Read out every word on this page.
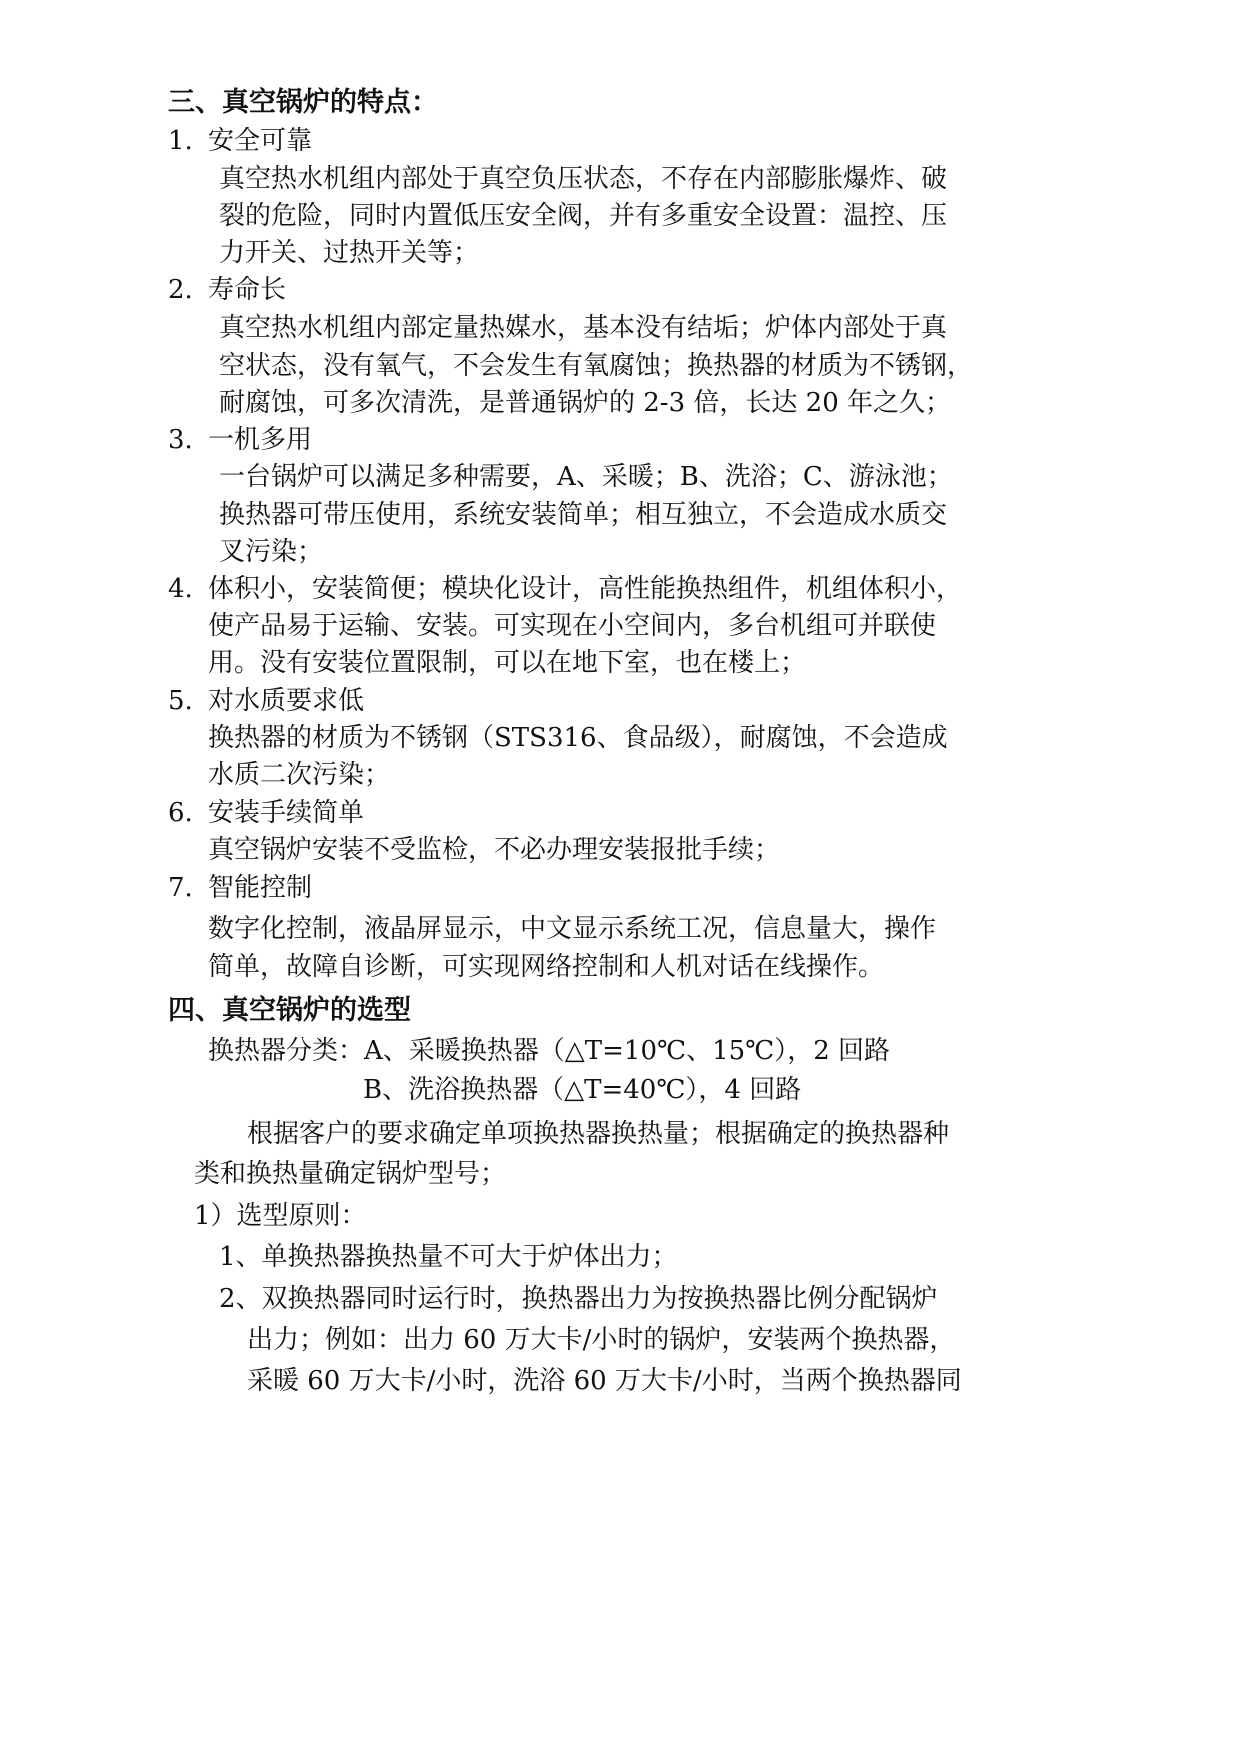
三、真空锅炉的特点：
1. 安全可靠
真空热水机组内部处于真空负压状态，不存在内部膨胀爆炸、破
裂的危险，同时内置低压安全阀，并有多重安全设置：温控、压
力开关、过热开关等；
2. 寿命长
真空热水机组内部定量热媒水，基本没有结垢；炉体内部处于真
空状态，没有氧气，不会发生有氧腐蚀；换热器的材质为不锈钢，
耐腐蚀，可多次清洗，是普通锅炉的 2-3 倍，长达 20 年之久；
3. 一机多用
一台锅炉可以满足多种需要，A、采暖；B、洗浴；C、游泳池；
换热器可带压使用，系统安装简单；相互独立，不会造成水质交
叉污染；
4. 体积小，安装简便；模块化设计，高性能换热组件，机组体积小，
使产品易于运输、安装。可实现在小空间内，多台机组可并联使
用。没有安装位置限制，可以在地下室，也在楼上；
5. 对水质要求低
换热器的材质为不锈钢（STS316、食品级），耐腐蚀，不会造成
水质二次污染；
6. 安装手续简单
真空锅炉安装不受监检，不必办理安装报批手续；
7. 智能控制
数字化控制，液晶屏显示，中文显示系统工况，信息量大，操作
简单，故障自诊断，可实现网络控制和人机对话在线操作。
四、真空锅炉的选型
换热器分类：A、采暖换热器（△T=10℃、15℃），2 回路
B、洗浴换热器（△T=40℃），4 回路
根据客户的要求确定单项换热器换热量；根据确定的换热器种
类和换热量确定锅炉型号；
1）选型原则：
1、单换热器换热量不可大于炉体出力；
2、双换热器同时运行时，换热器出力为按换热器比例分配锅炉
出力；例如：出力 60 万大卡/小时的锅炉，安装两个换热器，
采暖 60 万大卡/小时，洗浴 60 万大卡/小时，当两个换热器同
